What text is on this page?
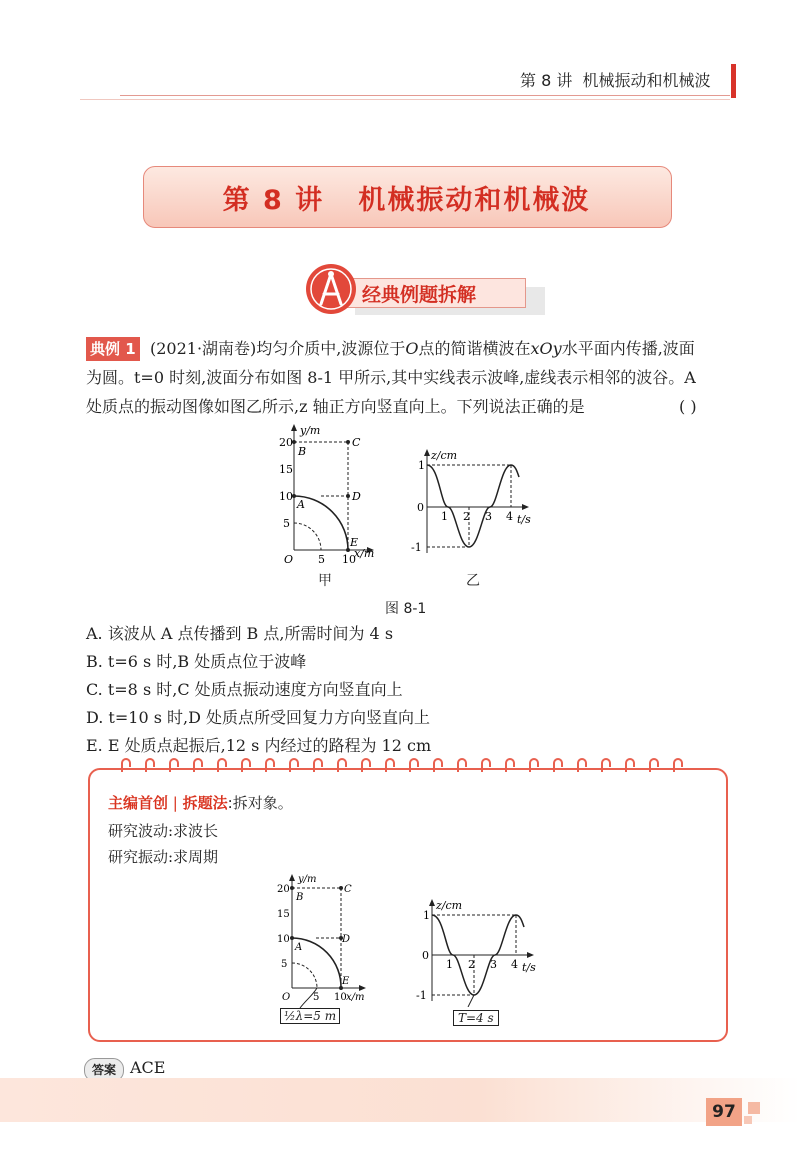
第 8 讲 机械振动和机械波
第 8 讲 机械振动和机械波
经典例题拆解
典例 1 (2021·湖南卷)均匀介质中,波源位于O点的简谐横波在xOy水平面内传播,波面
为圆。t=0 时刻,波面分布如图 8-1 甲所示,其中实线表示波峰,虚线表示相邻的波谷。A
处质点的振动图像如图乙所示,z 轴正方向竖直向上。下列说法正确的是	( )
y/m
x/m
20
15
10
5
5 10
O
A
B
C
D
E
z/cm
t/s
1
0
-1
1 2 3 4
甲	乙
图 8-1
A. 该波从 A 点传播到 B 点,所需时间为 4 s
B. t=6 s 时,B 处质点位于波峰
C. t=8 s 时,C 处质点振动速度方向竖直向上
D. t=10 s 时,D 处质点所受回复力方向竖直向上
E. E 处质点起振后,12 s 内经过的路程为 12 cm
主编首创 | 拆题法:拆对象。
研究波动:求波长
研究振动:求周期
y/m
x/m
20
15
10
5
5 10
O
A
B
C
D
E
½λ=5 m
z/cm
t/s
1
0
-1
1 2 3 4
T=4 s
答案 ACE
97
